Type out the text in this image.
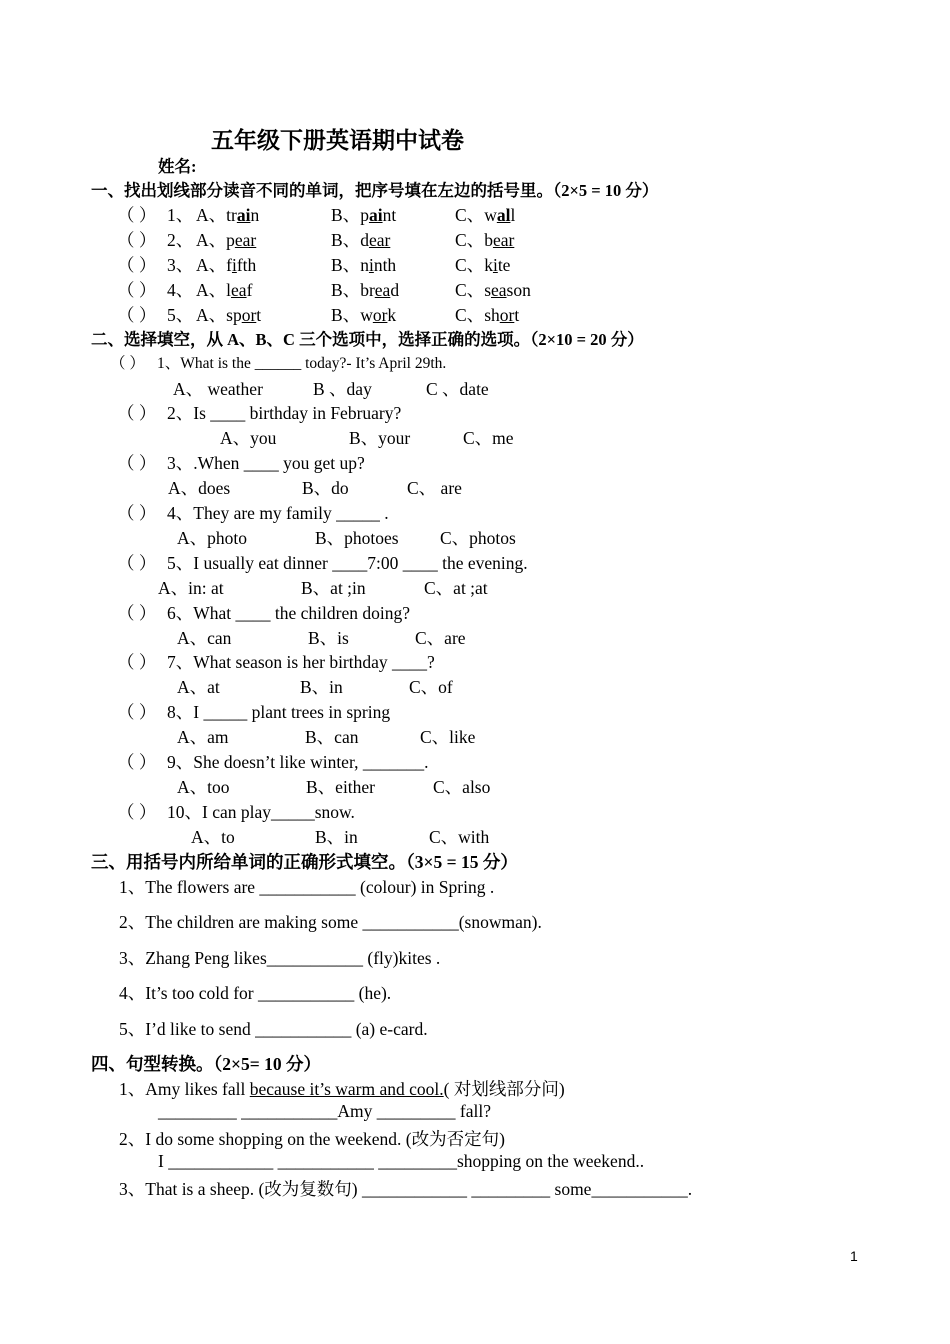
五年级下册英语期中试卷
姓名:
一、找出划线部分读音不同的单词，把序号填在左边的括号里。（2×5 = 10 分）
（ ） 1、 A、train	B、paint	C、wall
（ ） 2、 A、pear	B、dear	C、bear
（ ） 3、 A、fifth	B、ninth	C、kite
（ ） 4、 A、leaf	B、bread	C、season
（ ） 5、 A、sport	B、work	C、short
二、选择填空，从 A、B、C 三个选项中，选择正确的选项。（2×10 = 20 分）
（ ） 1、What is the ______ today?- It’s April 29th.
A、 weather	B 、day	C 、date
（ ） 2、Is ____ birthday in February?
A、you	B、your	C、me
（ ） 3、.When ____ you get up?
A、does	B、do	C、 are
（ ） 4、They are my family _____ .
A、photo	B、photoes C、photos
（ ） 5、I usually eat dinner ____7:00 ____ the evening.
A、in: at	B、at ;in	C、at ;at
（ ） 6、What ____ the children doing?
A、can	B、is	C、are
（ ） 7、What season is her birthday ____?
A、at	B、in	C、of
（ ） 8、I _____ plant trees in spring
A、am	B、can	C、like
（ ） 9、She doesn’t like winter, _______.
A、too	B、either	C、also
（ ） 10、I can play_____snow.
A、to	B、in	C、with
三、用括号内所给单词的正确形式填空。（3×5 = 15 分）
1、The flowers are ___________ (colour) in Spring .
2、The children are making some ___________(snowman).
3、Zhang Peng likes___________ (fly)kites .
4、It’s too cold for ___________ (he).
5、I’d like to send ___________ (a) e-card.
四、句型转换。（2×5= 10 分）
1、Amy likes fall because it’s warm and cool.( 对划线部分问)
_________ ___________Amy _________ fall?
2、I do some shopping on the weekend. (改为否定句)
I ____________ ___________ _________shopping on the weekend..
3、That is a sheep. (改为复数句) ____________ _________ some___________.
1
